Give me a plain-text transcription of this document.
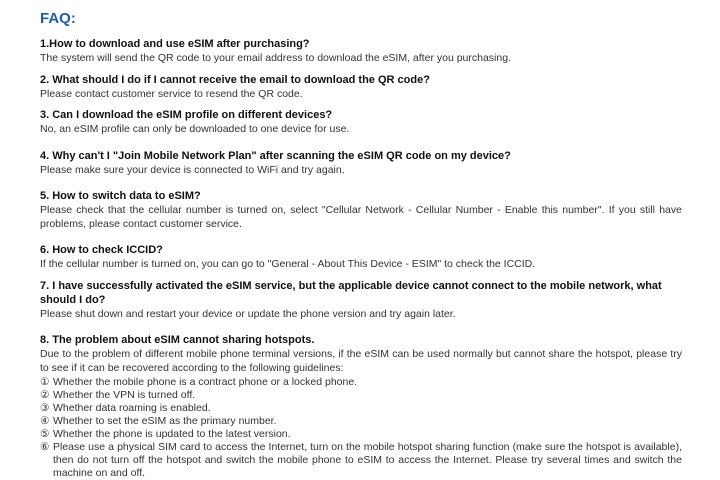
FAQ:

1.How to download and use eSIM after purchasing?

The system will send the QR code to your email address to download the eSIM, after you purchasing.

2. What should I do if I cannot receive the email to download the QR code?

Please contact customer service to resend the QR code.

3. Can I download the eSIM profile on different devices?

No, an eSIM profile can only be downloaded to one device for use.

4. Why can't I "Join Mobile Network Plan" after scanning the eSIM QR code on my device?

Please make sure your device is connected to WiFi and try again.

5. How to switch data to eSIM?

Please check that the cellular number is turned on, select "Cellular Network - Cellular Number - Enable this number". If you still have problems, please contact customer service.

6. How to check ICCID?

If the cellular number is turned on, you can go to "General - About This Device - ESIM" to check the ICCID.

7. I have successfully activated the eSIM service, but the applicable device cannot connect to the mobile network, what should I do?

Please shut down and restart your device or update the phone version and try again later.

8. The problem about eSIM cannot sharing hotspots.

Due to the problem of different mobile phone terminal versions, if the eSIM can be used normally but cannot share the hotspot, please try to see if it can be recovered according to the following guidelines:

① Whether the mobile phone is a contract phone or a locked phone.
② Whether the VPN is turned off.
③ Whether data roaming is enabled.
④ Whether to set the eSIM as the primary number.
⑤ Whether the phone is updated to the latest version.
⑥ Please use a physical SIM card to access the Internet, turn on the mobile hotspot sharing function (make sure the hotspot is available), then do not turn off the hotspot and switch the mobile phone to eSIM to access the Internet. Please try several times and switch the machine on and off.
